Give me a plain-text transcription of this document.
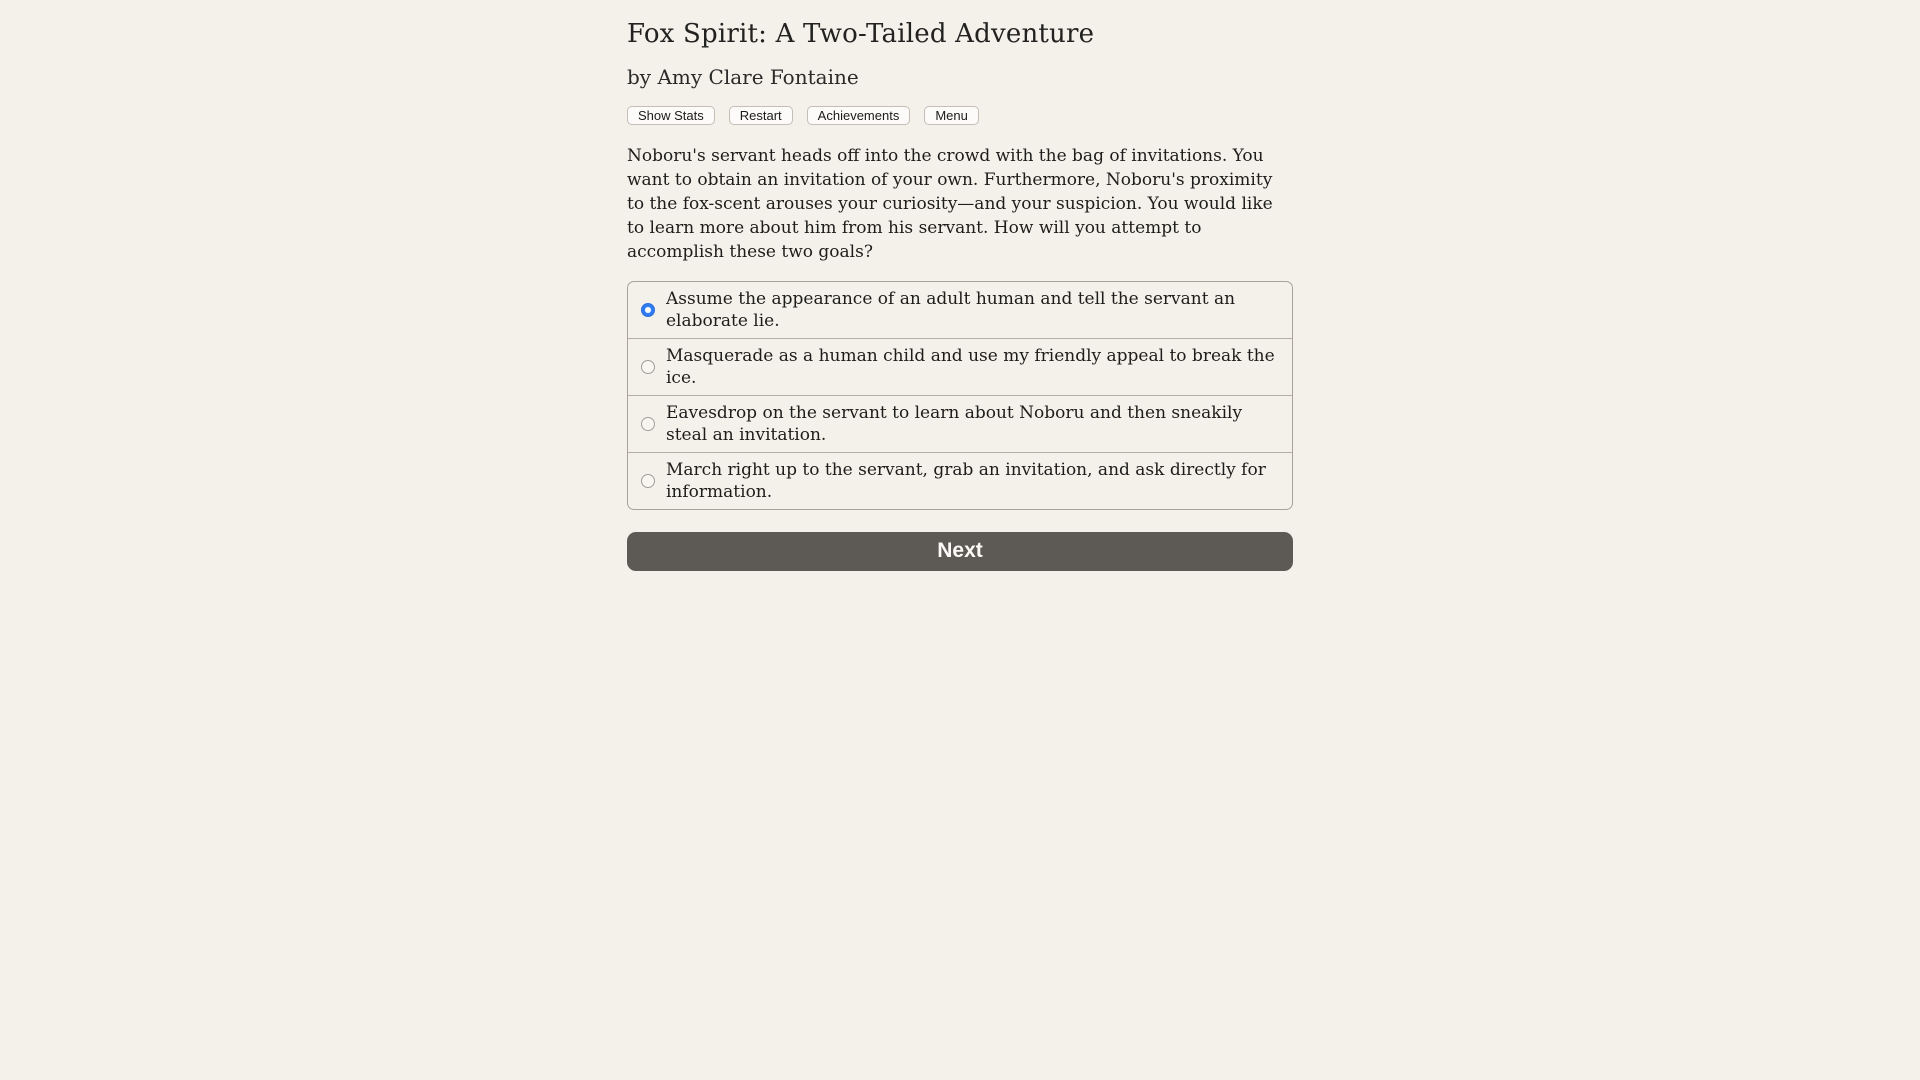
Fox Spirit: A Two-Tailed Adventure
by Amy Clare Fontaine
Show Stats	Restart	Achievements	Menu

Noboru's servant heads off into the crowd with the bag of invitations. You want to obtain an invitation of your own. Furthermore, Noboru's proximity to the fox-scent arouses your curiosity—and your suspicion. You would like to learn more about him from his servant. How will you attempt to accomplish these two goals?

Assume the appearance of an adult human and tell the servant an elaborate lie.
Masquerade as a human child and use my friendly appeal to break the ice.
Eavesdrop on the servant to learn about Noboru and then sneakily steal an invitation.
March right up to the servant, grab an invitation, and ask directly for information.
Next
